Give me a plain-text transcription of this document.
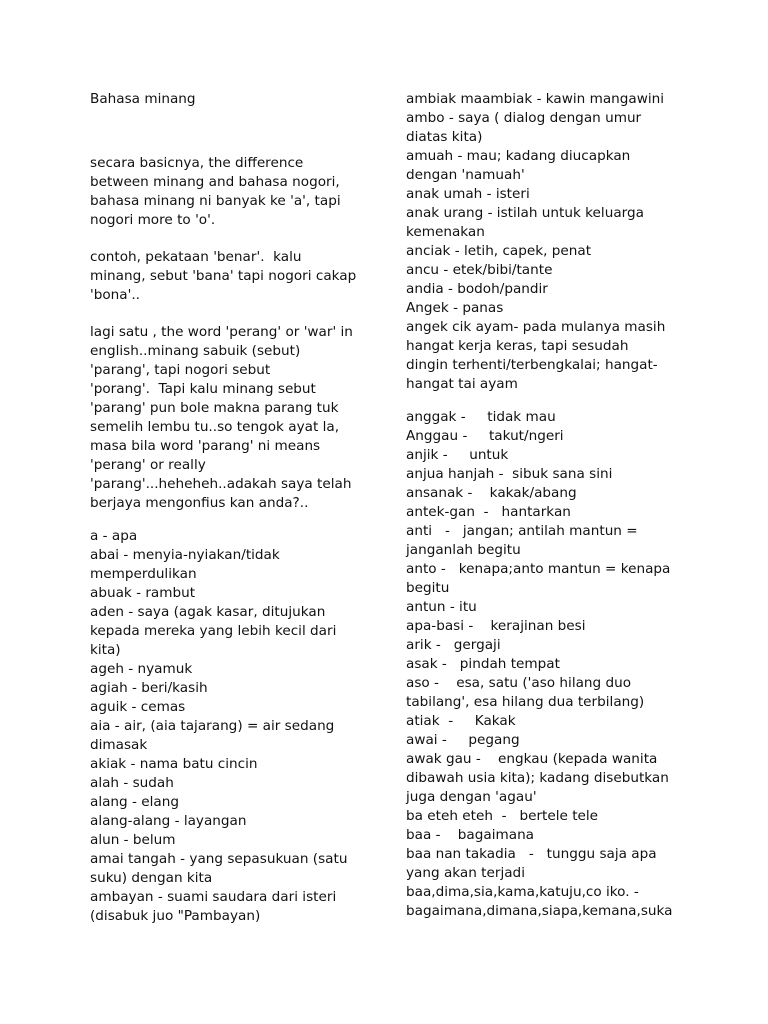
Bahasa minang
secara basicnya, the difference
between minang and bahasa nogori,
bahasa minang ni banyak ke 'a', tapi
nogori more to 'o'.
contoh, pekataan 'benar'.  kalu
minang, sebut 'bana' tapi nogori cakap
'bona'..
lagi satu , the word 'perang' or 'war' in
english..minang sabuik (sebut)
'parang', tapi nogori sebut
'porang'.  Tapi kalu minang sebut
'parang' pun bole makna parang tuk
semelih lembu tu..so tengok ayat la,
masa bila word 'parang' ni means
'perang' or really
'parang'...heheheh..adakah saya telah
berjaya mengonfius kan anda?..
a - apa
abai - menyia-nyiakan/tidak
memperdulikan
abuak - rambut
aden - saya (agak kasar, ditujukan
kepada mereka yang lebih kecil dari
kita)
ageh - nyamuk
agiah - beri/kasih
aguik - cemas
aia - air, (aia tajarang) = air sedang
dimasak
akiak - nama batu cincin
alah - sudah
alang - elang
alang-alang - layangan
alun - belum
amai tangah - yang sepasukuan (satu
suku) dengan kita
ambayan - suami saudara dari isteri
(disabuk juo "Pambayan)
ambiak maambiak - kawin mangawini
ambo - saya ( dialog dengan umur
diatas kita)
amuah - mau; kadang diucapkan
dengan 'namuah'
anak umah - isteri
anak urang - istilah untuk keluarga
kemenakan
anciak - letih, capek, penat
ancu - etek/bibi/tante
andia - bodoh/pandir
Angek - panas
angek cik ayam- pada mulanya masih
hangat kerja keras, tapi sesudah
dingin terhenti/terbengkalai; hangat-
hangat tai ayam
anggak -     tidak mau
Anggau -     takut/ngeri
anjik -     untuk
anjua hanjah -  sibuk sana sini
ansanak -    kakak/abang
antek-gan  -   hantarkan
anti   -   jangan; antilah mantun =
janganlah begitu
anto -   kenapa;anto mantun = kenapa
begitu
antun - itu
apa-basi -    kerajinan besi
arik -   gergaji
asak -   pindah tempat
aso -    esa, satu ('aso hilang duo
tabilang', esa hilang dua terbilang)
atiak  -     Kakak
awai -     pegang
awak gau -    engkau (kepada wanita
dibawah usia kita); kadang disebutkan
juga dengan 'agau'
ba eteh eteh  -   bertele tele
baa -    bagaimana
baa nan takadia   -   tunggu saja apa
yang akan terjadi
baa,dima,sia,kama,katuju,co iko. -
bagaimana,dimana,siapa,kemana,suka
